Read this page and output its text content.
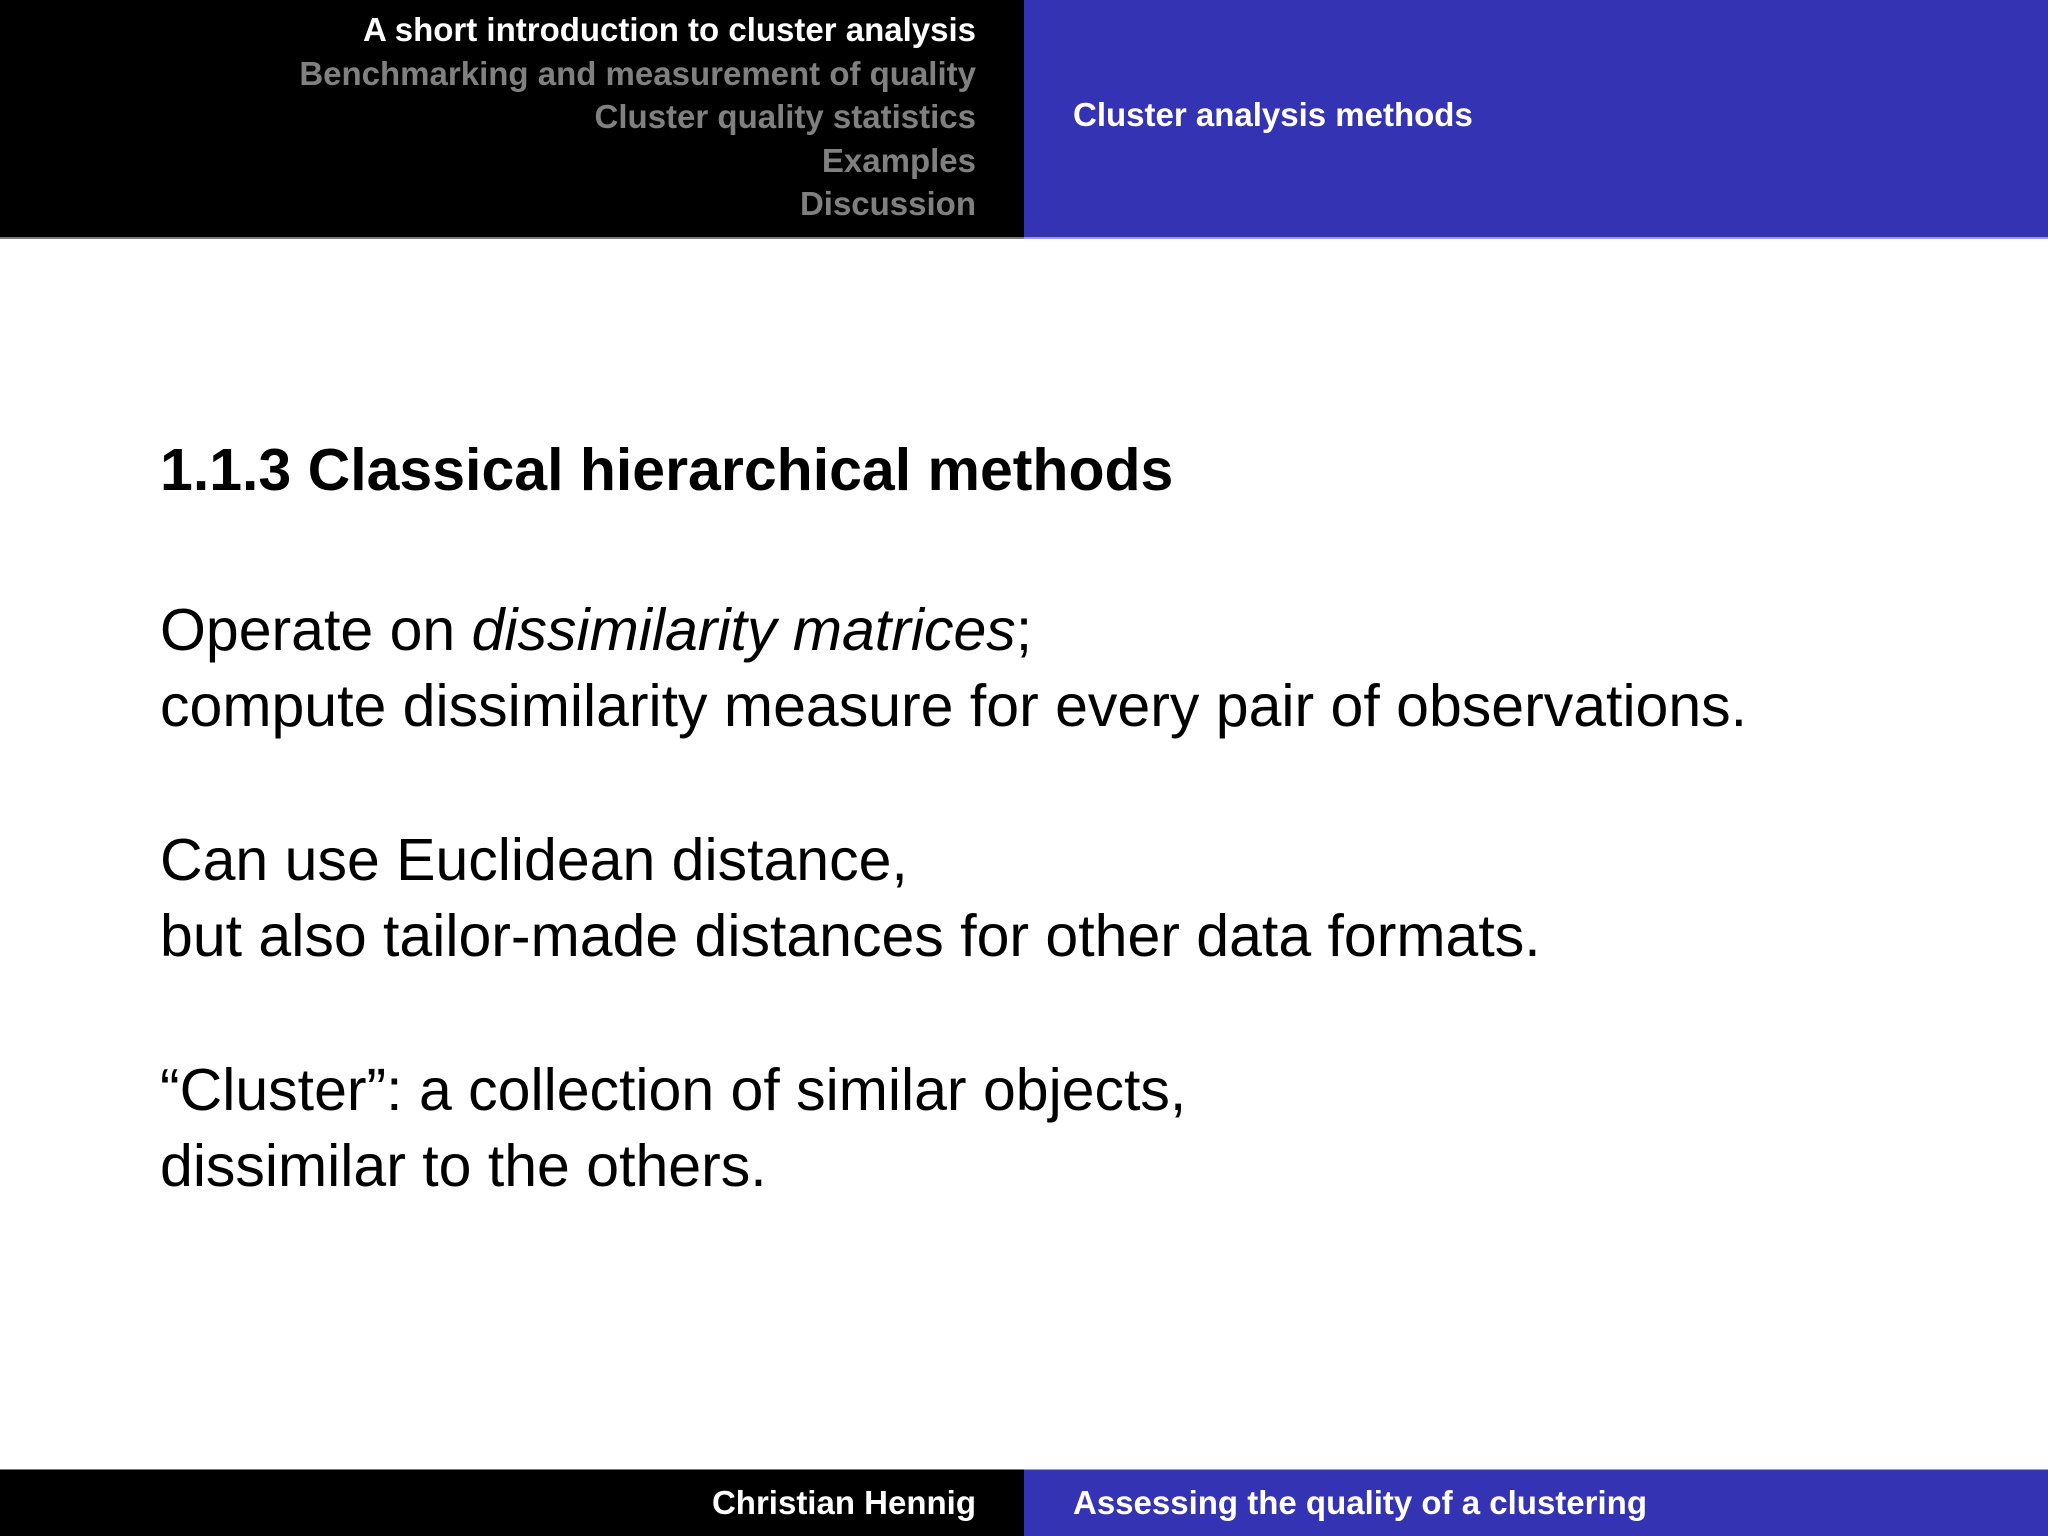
A short introduction to cluster analysis
Benchmarking and measurement of quality
Cluster quality statistics
Examples
Discussion
Cluster analysis methods
1.1.3 Classical hierarchical methods
Operate on dissimilarity matrices;
compute dissimilarity measure for every pair of observations.
Can use Euclidean distance,
but also tailor-made distances for other data formats.
“Cluster”: a collection of similar objects,
dissimilar to the others.
Christian Hennig	Assessing the quality of a clustering
